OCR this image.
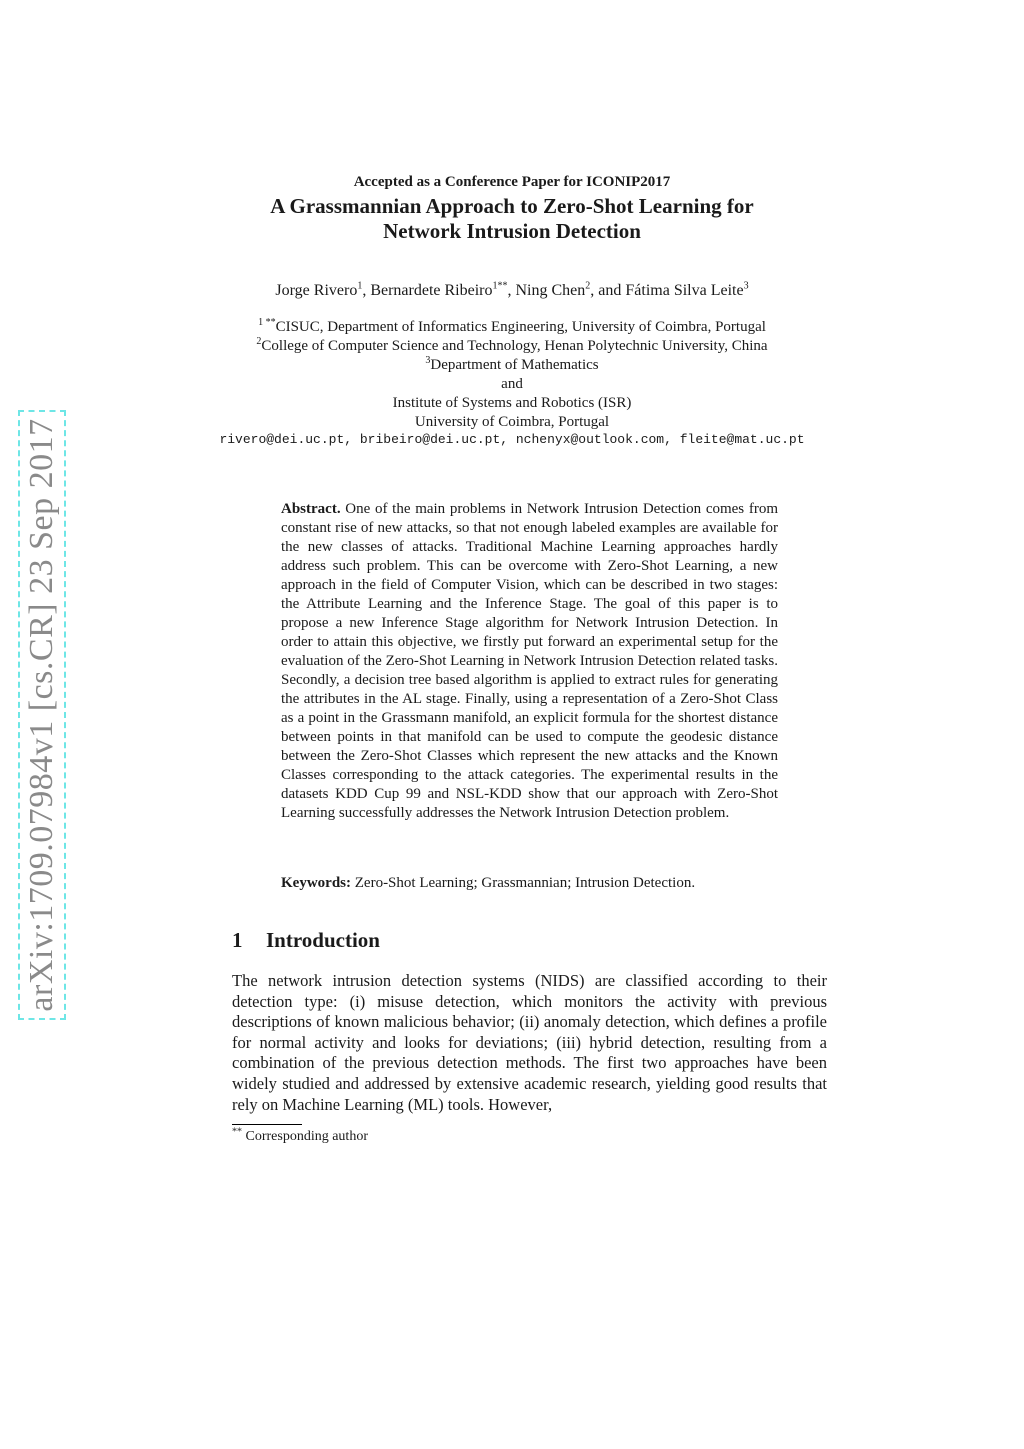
arXiv:1709.07984v1 [cs.CR] 23 Sep 2017
Accepted as a Conference Paper for ICONIP2017
A Grassmannian Approach to Zero-Shot Learning for
Network Intrusion Detection
Jorge Rivero$^1$, Bernardete Ribeiro$^{1**}$, Ning Chen$^2$, and Fátima Silva Leite$^3$
$^{1 **}$CISUC, Department of Informatics Engineering, University of Coimbra, Portugal
$^2$College of Computer Science and Technology, Henan Polytechnic University, China
$^3$Department of Mathematics
and
Institute of Systems and Robotics (ISR)
University of Coimbra, Portugal
rivero@dei.uc.pt, bribeiro@dei.uc.pt, nchenyx@outlook.com, fleite@mat.uc.pt
Abstract. One of the main problems in Network Intrusion Detection comes from constant rise of new attacks, so that not enough labeled examples are available for the new classes of attacks. Traditional Machine Learning approaches hardly address such problem. This can be overcome with Zero-Shot Learning, a new approach in the field of Computer Vision, which can be described in two stages: the Attribute Learning and the Inference Stage. The goal of this paper is to propose a new Inference Stage algorithm for Network Intrusion Detection. In order to attain this objective, we firstly put forward an experimental setup for the evaluation of the Zero-Shot Learning in Network Intrusion Detection related tasks. Secondly, a decision tree based algorithm is applied to extract rules for generating the attributes in the AL stage. Finally, using a representation of a Zero-Shot Class as a point in the Grassmann manifold, an explicit formula for the shortest distance between points in that manifold can be used to compute the geodesic distance between the Zero-Shot Classes which represent the new attacks and the Known Classes corresponding to the attack categories. The experimental results in the datasets KDD Cup 99 and NSL-KDD show that our approach with Zero-Shot Learning successfully addresses the Network Intrusion Detection problem.
Keywords: Zero-Shot Learning; Grassmannian; Intrusion Detection.
1 Introduction
The network intrusion detection systems (NIDS) are classified according to their detection type: (i) misuse detection, which monitors the activity with previous descriptions of known malicious behavior; (ii) anomaly detection, which defines a profile for normal activity and looks for deviations; (iii) hybrid detection, resulting from a combination of the previous detection methods. The first two approaches have been widely studied and addressed by extensive academic research, yielding good results that rely on Machine Learning (ML) tools. However,
** Corresponding author
